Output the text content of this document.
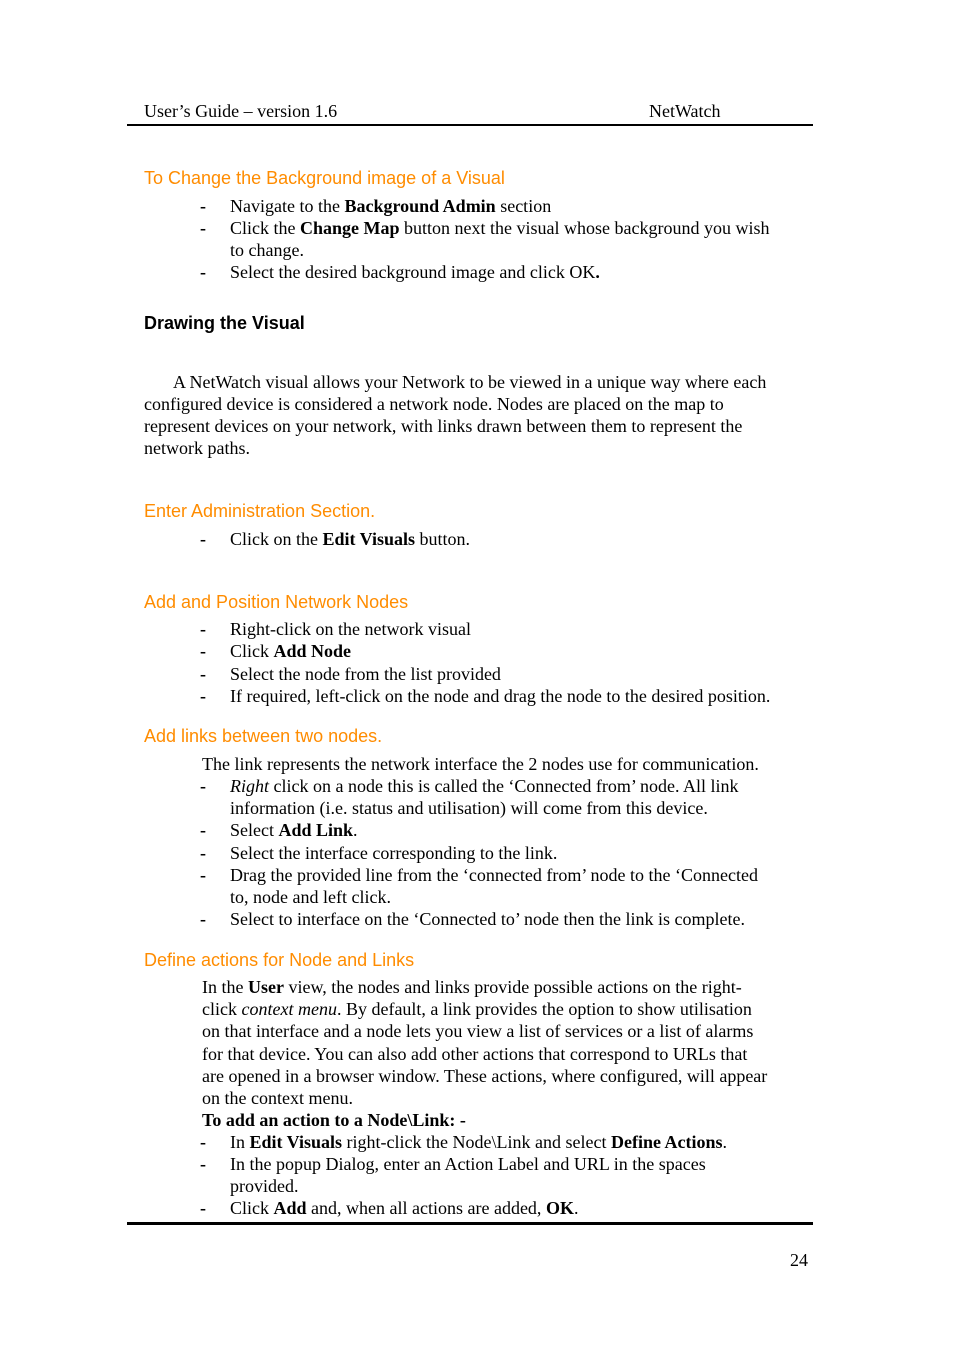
User’s Guide – version 1.6	NetWatch
To Change the Background image of a Visual
- Navigate to the Background Admin section
- Click the Change Map button next the visual whose background you wish
to change.
- Select the desired background image and click OK.
Drawing the Visual
A NetWatch visual allows your Network to be viewed in a unique way where each
configured device is considered a network node. Nodes are placed on the map to
represent devices on your network, with links drawn between them to represent the
network paths.
Enter Administration Section.
- Click on the Edit Visuals button.
Add and Position Network Nodes
- Right-click on the network visual
- Click Add Node
- Select the node from the list provided
- If required, left-click on the node and drag the node to the desired position.
Add links between two nodes.
The link represents the network interface the 2 nodes use for communication.
- Right click on a node this is called the ‘Connected from’ node. All link
information (i.e. status and utilisation) will come from this device.
- Select Add Link.
- Select the interface corresponding to the link.
- Drag the provided line from the ‘connected from’ node to the ‘Connected
to, node and left click.
- Select to interface on the ‘Connected to’ node then the link is complete.
Define actions for Node and Links
In the User view, the nodes and links provide possible actions on the right-
click context menu. By default, a link provides the option to show utilisation
on that interface and a node lets you view a list of services or a list of alarms
for that device. You can also add other actions that correspond to URLs that
are opened in a browser window. These actions, where configured, will appear
on the context menu.
To add an action to a Node\Link: -
- In Edit Visuals right-click the Node\Link and select Define Actions.
- In the popup Dialog, enter an Action Label and URL in the spaces
provided.
- Click Add and, when all actions are added, OK.
24
